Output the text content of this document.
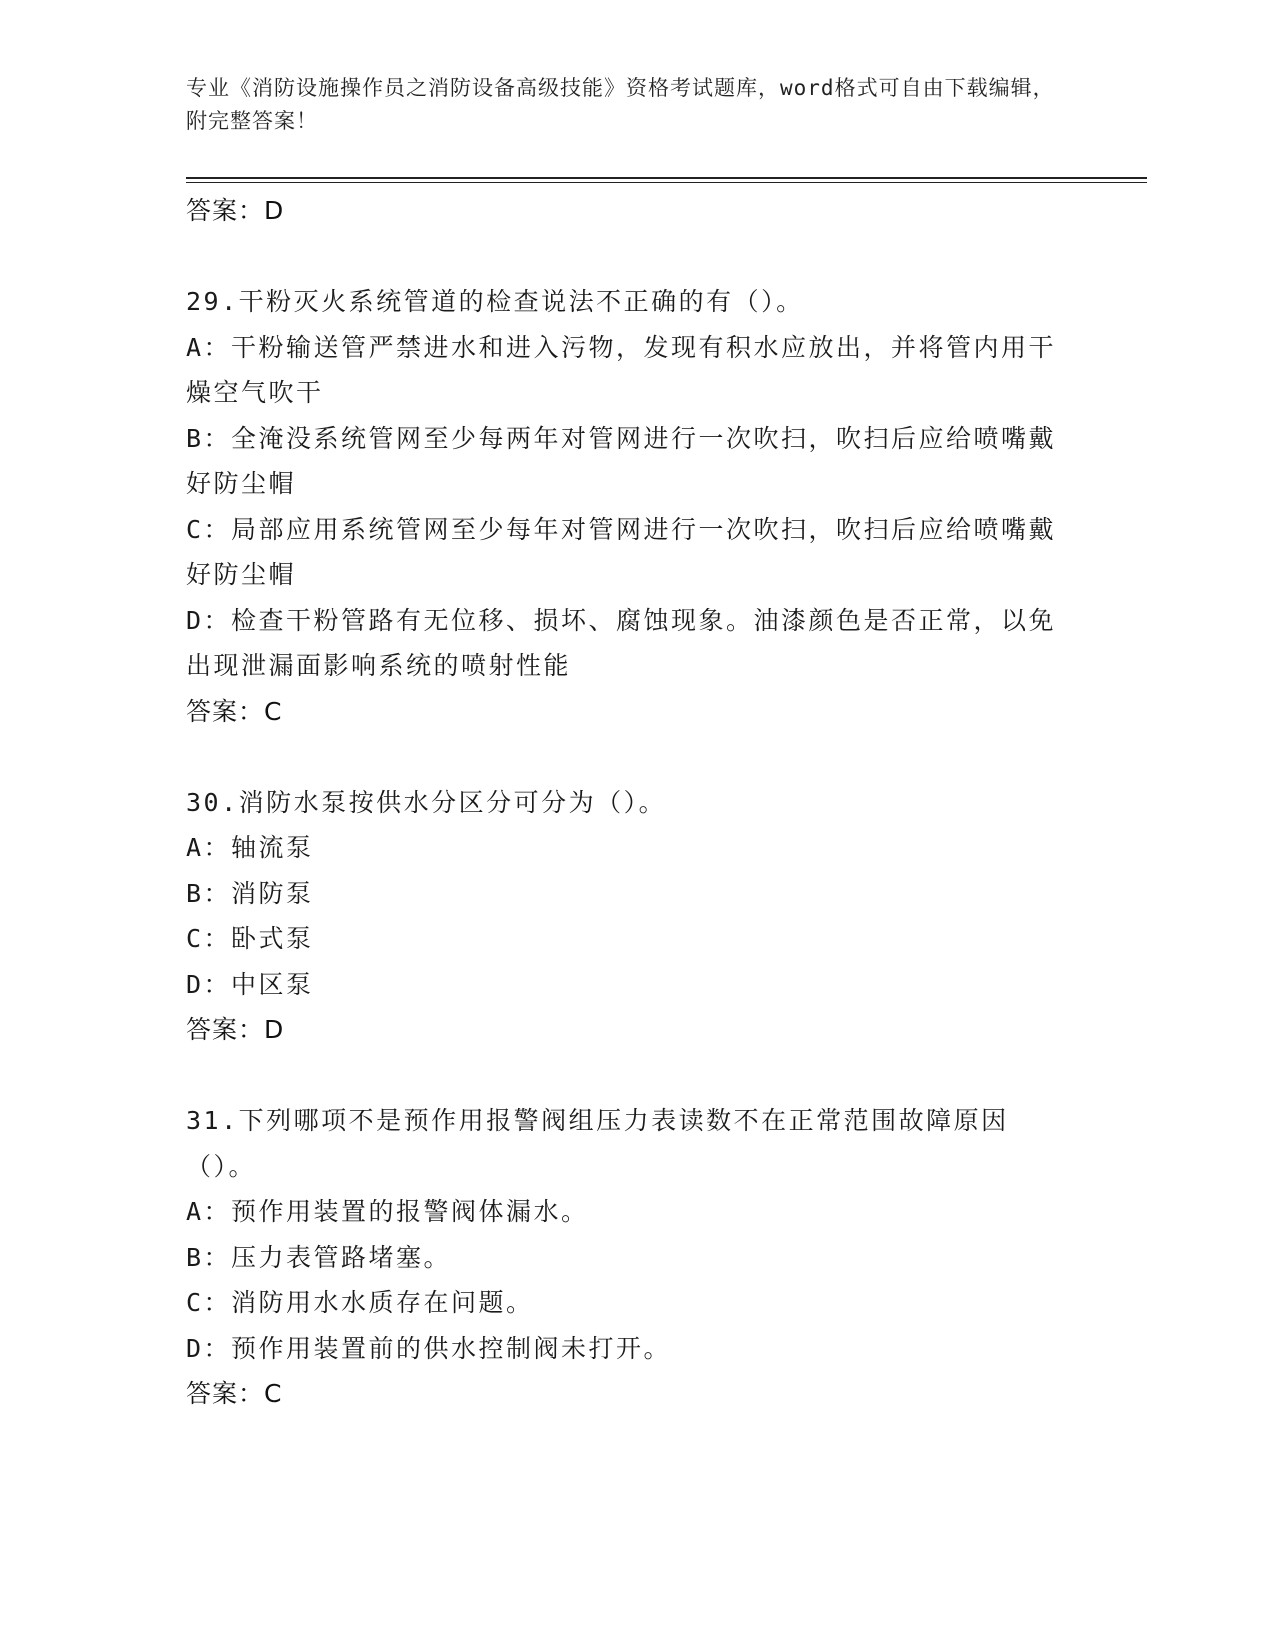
专业《消防设施操作员之消防设备高级技能》资格考试题库，word格式可自由下载编辑，附完整答案！
答案：D
29.干粉灭火系统管道的检查说法不正确的有（）。
A：干粉输送管严禁进水和进入污物，发现有积水应放出，并将管内用干燥空气吹干
B：全淹没系统管网至少每两年对管网进行一次吹扫，吹扫后应给喷嘴戴好防尘帽
C：局部应用系统管网至少每年对管网进行一次吹扫，吹扫后应给喷嘴戴好防尘帽
D：检查干粉管路有无位移、损坏、腐蚀现象。油漆颜色是否正常，以免出现泄漏面影响系统的喷射性能
答案：C
30.消防水泵按供水分区分可分为（）。
A：轴流泵
B：消防泵
C：卧式泵
D：中区泵
答案：D
31.下列哪项不是预作用报警阀组压力表读数不在正常范围故障原因（）。
A：预作用装置的报警阀体漏水。
B：压力表管路堵塞。
C：消防用水水质存在问题。
D：预作用装置前的供水控制阀未打开。
答案：C
